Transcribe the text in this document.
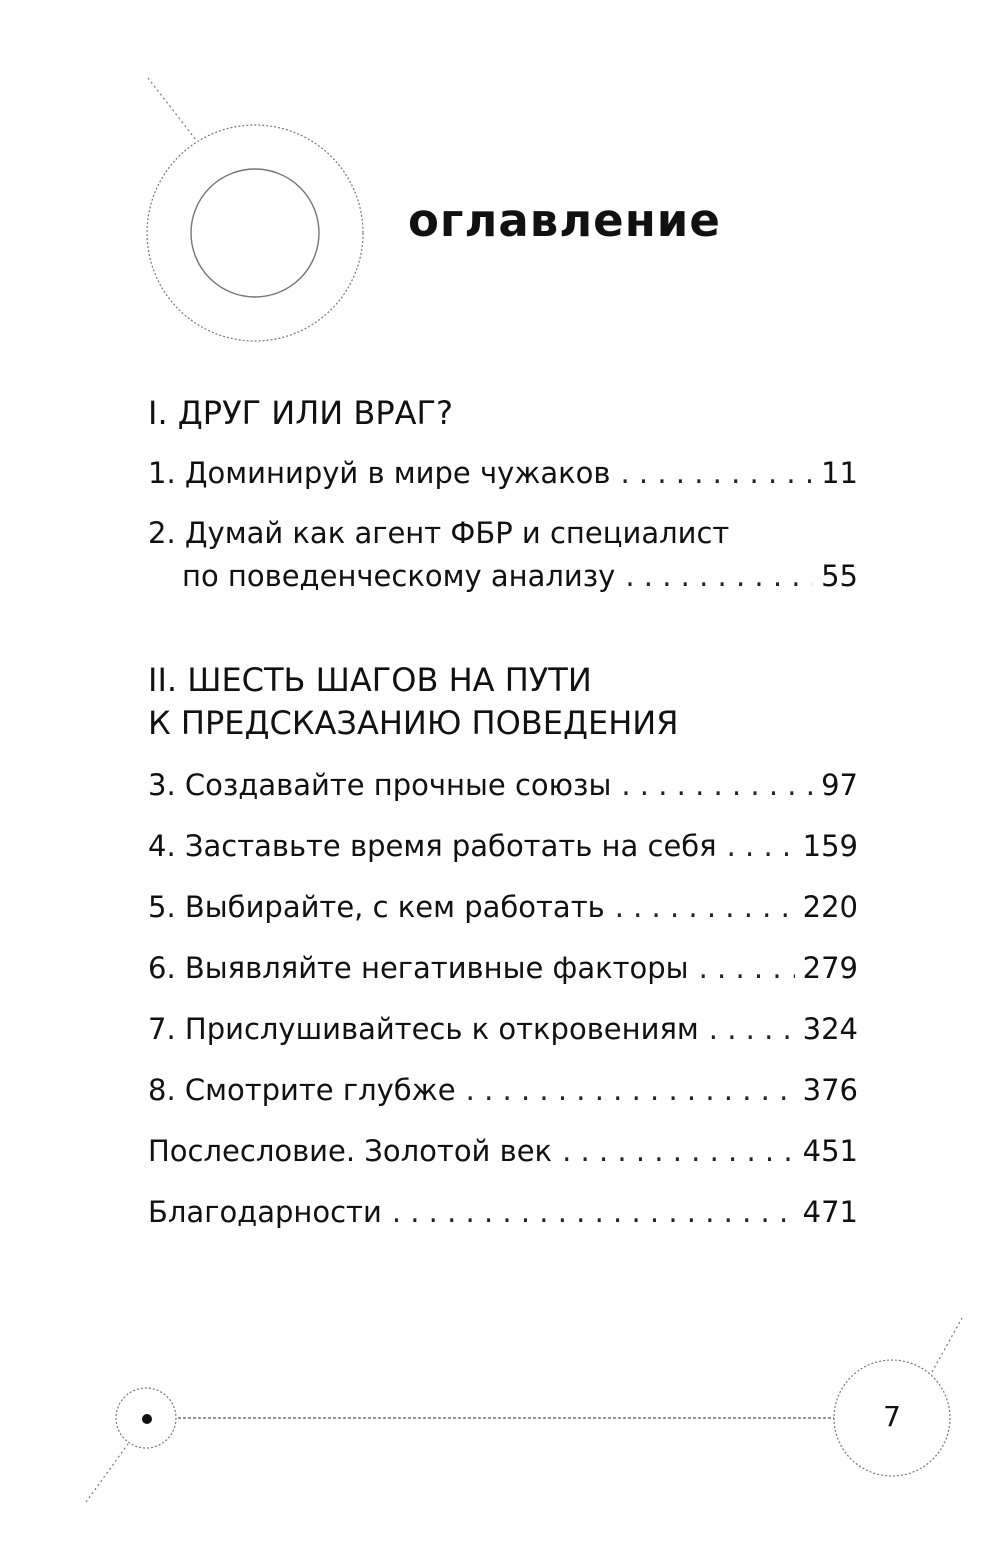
оглавление
I. ДРУГ ИЛИ ВРАГ?
1. Доминируй в мире чужаков . . .	11
2. Думай как агент ФБР и специалист
по поведенческому анализу . . .	55
II. ШЕСТЬ ШАГОВ НА ПУТИ
К ПРЕДСКАЗАНИЮ ПОВЕДЕНИЯ
3. Создавайте прочные союзы . . .	97
4. Заставьте время работать на себя . . .	159
5. Выбирайте, с кем работать . . .	220
6. Выявляйте негативные факторы . . .	279
7. Прислушивайтесь к откровениям . . .	324
8. Смотрите глубже . . .	376
Послесловие. Золотой век . . .	451
Благодарности . . .	471
7
